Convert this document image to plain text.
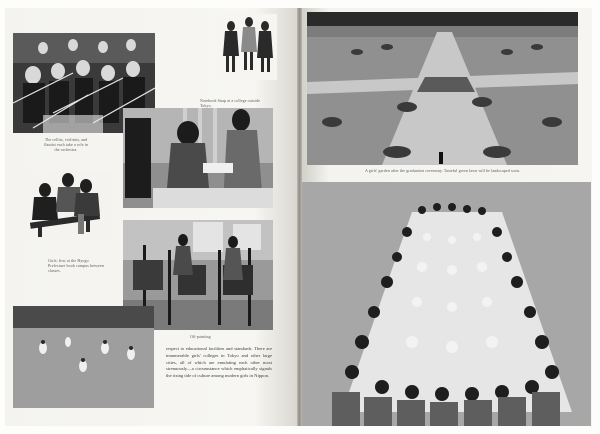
The cellist, violinist, and flautist each take a role in the orchestra.
Notebook Snap at a college outside Tokyo.
Girls: first at the Hyogo Prefecture book campus between classes.
Oil-painting
respect to educational facilities and standards. There are innumerable girls' colleges in Tokyo and other large cities, all of which are emulating each other most strenuously—a circumstance which emphatically signals the rising tide of culture among modern girls in Nippon.
A girls' garden after the graduation ceremony. Tasteful green lawn will be landscaped soon.
